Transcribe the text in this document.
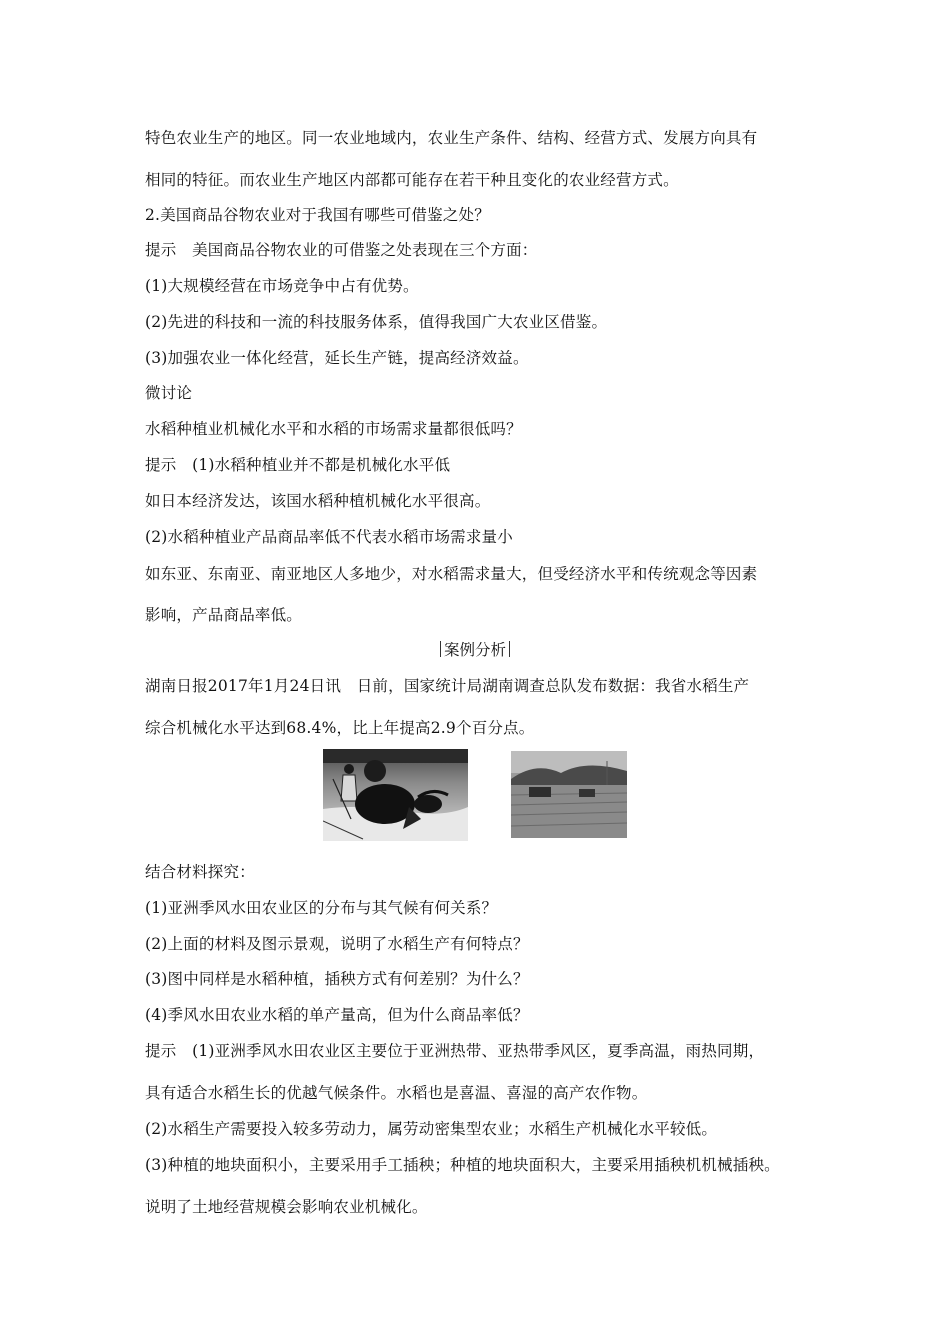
特色农业生产的地区。同一农业地域内，农业生产条件、结构、经营方式、发展方向具有
相同的特征。而农业生产地区内部都可能存在若干种且变化的农业经营方式。
2.美国商品谷物农业对于我国有哪些可借鉴之处？
提示　美国商品谷物农业的可借鉴之处表现在三个方面：
(1)大规模经营在市场竞争中占有优势。
(2)先进的科技和一流的科技服务体系，值得我国广大农业区借鉴。
(3)加强农业一体化经营，延长生产链，提高经济效益。
微讨论
水稻种植业机械化水平和水稻的市场需求量都很低吗？
提示　(1)水稻种植业并不都是机械化水平低
如日本经济发达，该国水稻种植机械化水平很高。
(2)水稻种植业产品商品率低不代表水稻市场需求量小
如东亚、东南亚、南亚地区人多地少，对水稻需求量大，但受经济水平和传统观念等因素
影响，产品商品率低。
案例分析
湖南日报2017年1月24日讯　日前，国家统计局湖南调查总队发布数据：我省水稻生产
综合机械化水平达到68.4%，比上年提高2.9个百分点。
结合材料探究：
(1)亚洲季风水田农业区的分布与其气候有何关系？
(2)上面的材料及图示景观，说明了水稻生产有何特点？
(3)图中同样是水稻种植，插秧方式有何差别？为什么？
(4)季风水田农业水稻的单产量高，但为什么商品率低？
提示　(1)亚洲季风水田农业区主要位于亚洲热带、亚热带季风区，夏季高温，雨热同期，
具有适合水稻生长的优越气候条件。水稻也是喜温、喜湿的高产农作物。
(2)水稻生产需要投入较多劳动力，属劳动密集型农业；水稻生产机械化水平较低。
(3)种植的地块面积小，主要采用手工插秧；种植的地块面积大，主要采用插秧机机械插秧。
说明了土地经营规模会影响农业机械化。
